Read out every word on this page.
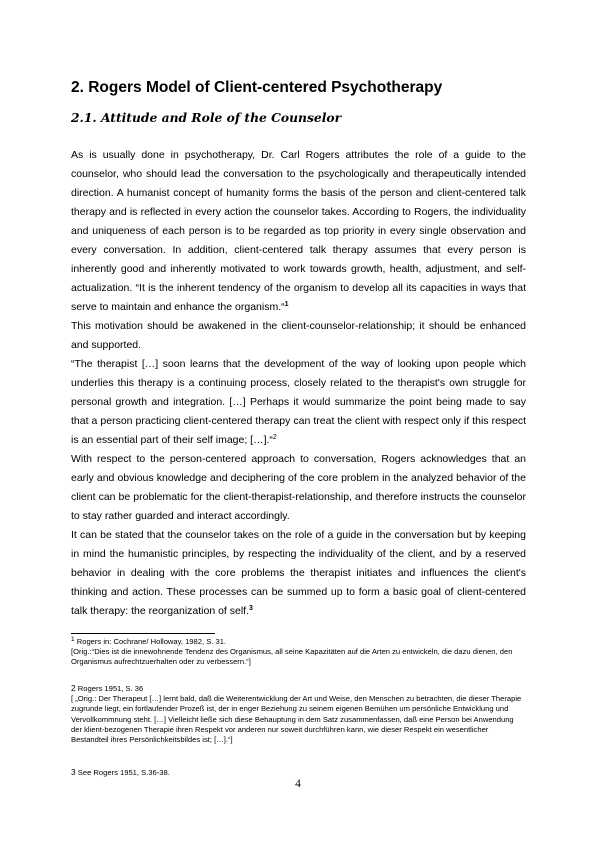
2. Rogers Model of Client-centered Psychotherapy
2.1. Attitude and Role of the Counselor

As is usually done in psychotherapy, Dr. Carl Rogers attributes the role of a guide to the counselor, who should lead the conversation to the psychologically and therapeutically intended direction. A humanist concept of humanity forms the basis of the person and client-centered talk therapy and is reflected in every action the counselor takes. According to Rogers, the individuality and uniqueness of each person is to be regarded as top priority in every single observation and every conversation. In addition, client-centered talk therapy assumes that every person is inherently good and inherently motivated to work towards growth, health, adjustment, and self-actualization. “It is the inherent tendency of the organism to develop all its capacities in ways that serve to maintain and enhance the organism.“$^1$

This motivation should be awakened in the client-counselor-relationship; it should be enhanced and supported.

“The therapist […] soon learns that the development of the way of looking upon people which underlies this therapy is a continuing process, closely related to the therapist's own struggle for personal growth and integration. […] Perhaps it would summarize the point being made to say that a person practicing client-centered therapy can treat the client with respect only if this respect is an essential part of their self image; […].“$^2$

With respect to the person-centered approach to conversation, Rogers acknowledges that an early and obvious knowledge and deciphering of the core problem in the analyzed behavior of the client can be problematic for the client-therapist-relationship, and therefore instructs the counselor to stay rather guarded and interact accordingly.

It can be stated that the counselor takes on the role of a guide in the conversation but by keeping in mind the humanistic principles, by respecting the individuality of the client, and by a reserved behavior in dealing with the core problems the therapist initiates and influences the client's thinking and action. These processes can be summed up to form a basic goal of client-centered talk therapy: the reorganization of self.$^3$

$^1$ Rogers in: Cochrane/ Holloway, 1982, S. 31.

[Orig.:“Dies ist die innewohnende Tendenz des Organismus, all seine Kapazitäten auf die Arten zu entwickeln, die dazu dienen, den Organismus aufrechtzuerhalten oder zu verbessern.“]

2 Rogers 1951, S. 36

[ „Orig.: Der Therapeut […] lernt bald, daß die Weiterentwicklung der Art und Weise, den Menschen zu betrachten, die dieser Therapie zugrunde liegt, ein fortlaufender Prozeß ist, der in enger Beziehung zu seinem eigenen Bemühen um persönliche Entwicklung und Vervollkommnung steht. […] Vielleicht ließe sich diese Behauptung in dem Satz zusammenfassen, daß eine Person bei Anwendung der klient-bezogenen Therapie ihren Respekt vor anderen nur soweit durchführen kann, wie dieser Respekt ein wesentlicher Bestandteil ihres Persönlichkeitsbildes ist; […].“]

3 See Rogers 1951, S.36-38.

4
